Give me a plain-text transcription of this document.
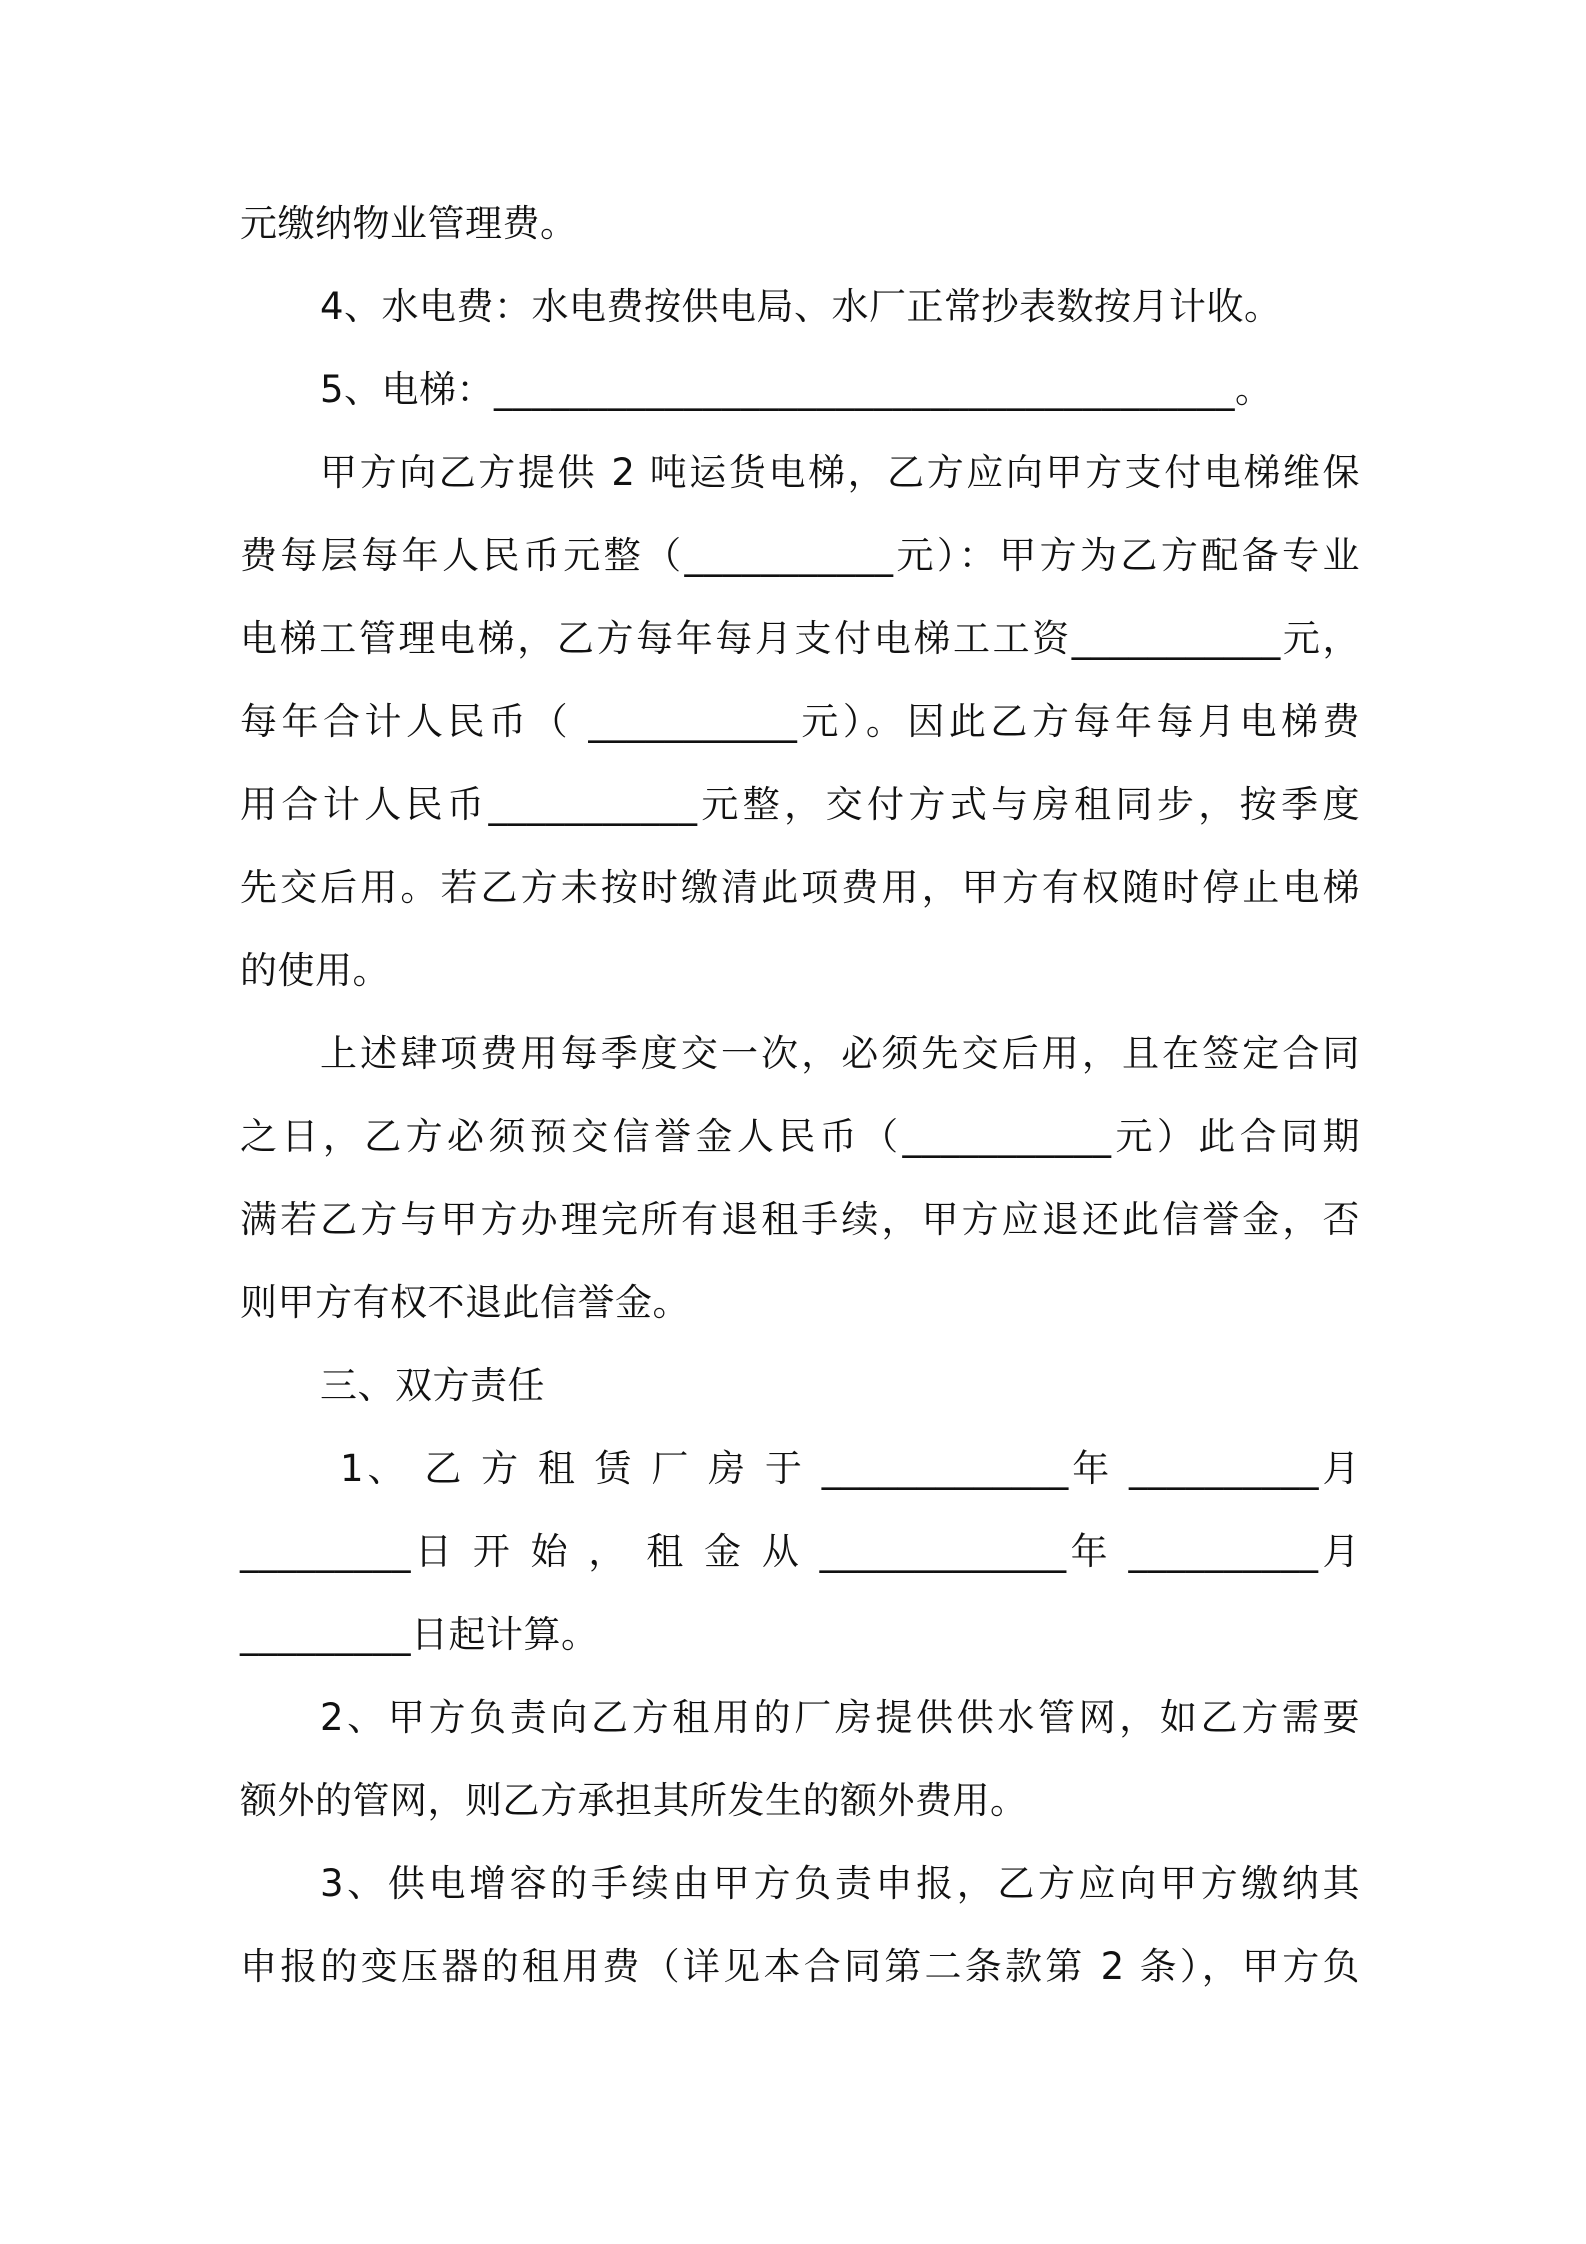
元缴纳物业管理费。
4、水电费：水电费按供电局、水厂正常抄表数按月计收。
5、电梯：_______________________________________。
甲方向乙方提供 2 吨运货电梯，乙方应向甲方支付电梯维保
费每层每年人民币元整（___________元）：甲方为乙方配备专业
电梯工管理电梯，乙方每年每月支付电梯工工资___________元，
每年合计人民币（ ___________元）。因此乙方每年每月电梯费
用合计人民币___________元整，交付方式与房租同步，按季度
先交后用。若乙方未按时缴清此项费用，甲方有权随时停止电梯
的使用。
上述肆项费用每季度交一次，必须先交后用，且在签定合同
之日，乙方必须预交信誉金人民币（___________元）此合同期
满若乙方与甲方办理完所有退租手续，甲方应退还此信誉金，否
则甲方有权不退此信誉金。
三、双方责任
1、 乙 方 租 赁 厂 房 于 _____________年 __________月
_________日 开 始 ， 租 金 从 _____________年 __________月
_________日起计算。
2、甲方负责向乙方租用的厂房提供供水管网，如乙方需要
额外的管网，则乙方承担其所发生的额外费用。
3、供电增容的手续由甲方负责申报，乙方应向甲方缴纳其
申报的变压器的租用费（详见本合同第二条款第 2 条），甲方负
